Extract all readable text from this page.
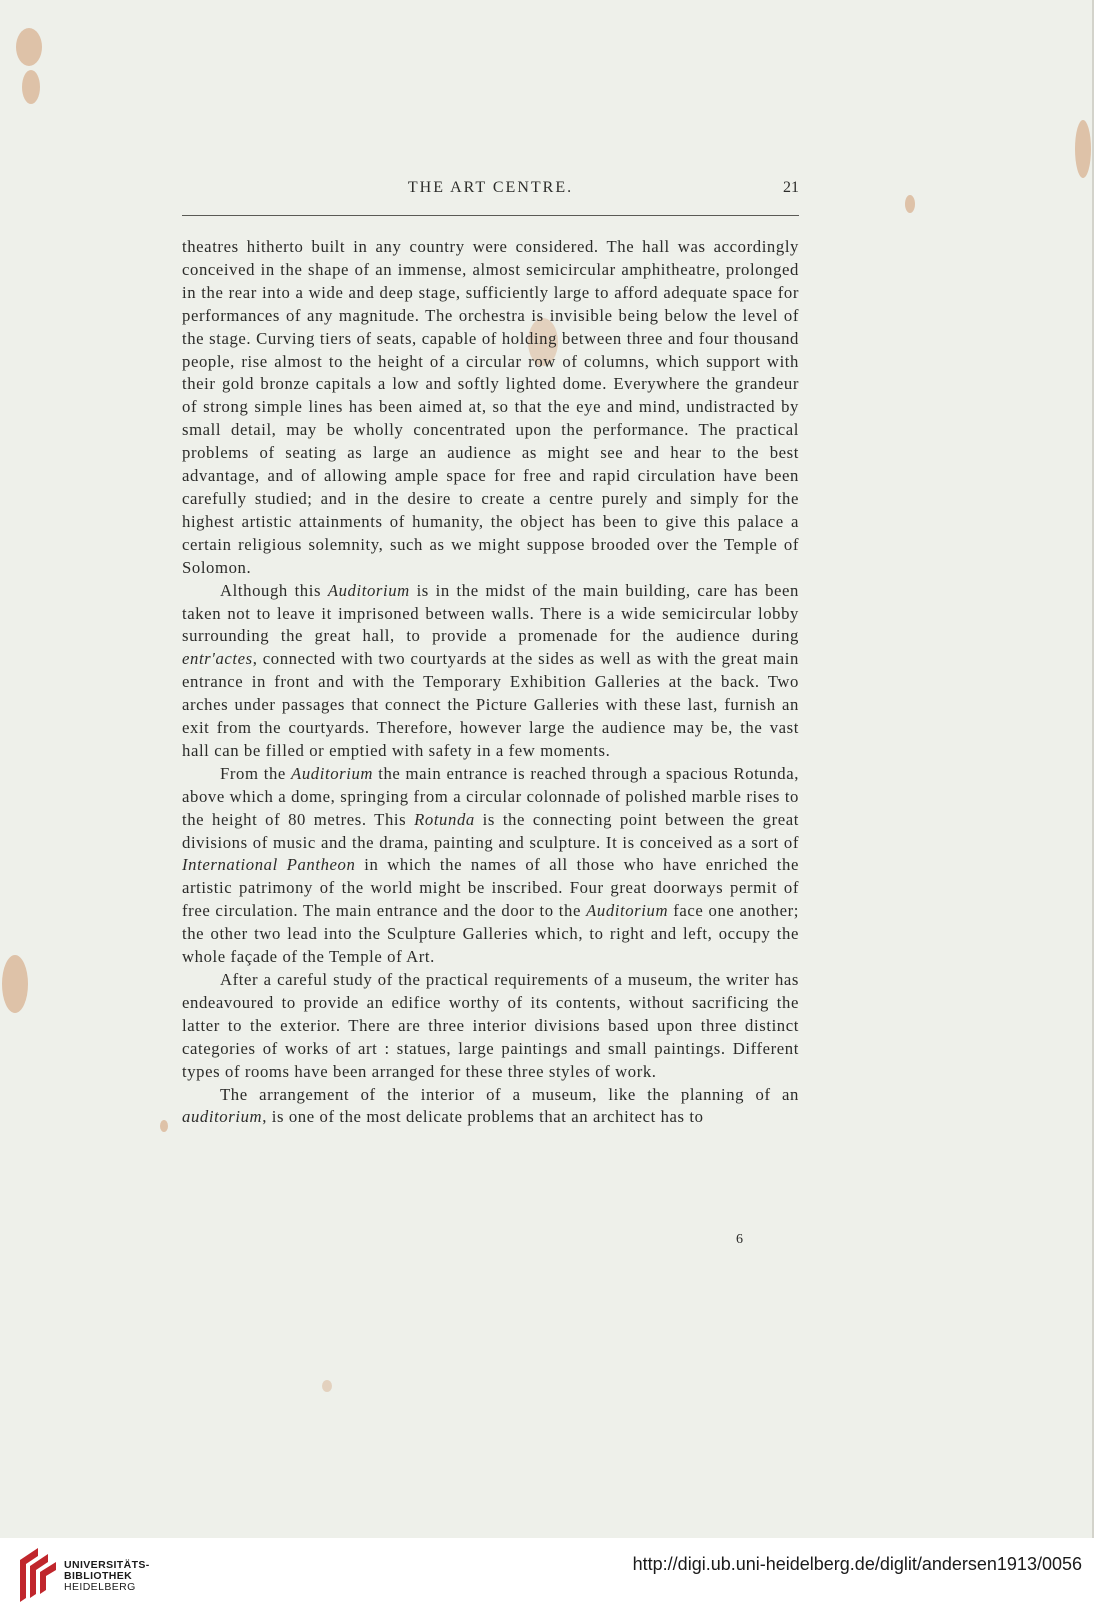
THE ART CENTRE.	21

theatres hitherto built in any country were considered. The hall was accordingly conceived in the shape of an immense, almost semicircular amphitheatre, prolonged in the rear into a wide and deep stage, sufficiently large to afford adequate space for performances of any magnitude. The orchestra is invisible being below the level of the stage. Curving tiers of seats, capable of holding between three and four thousand people, rise almost to the height of a circular row of columns, which support with their gold bronze capitals a low and softly lighted dome. Everywhere the grandeur of strong simple lines has been aimed at, so that the eye and mind, undistracted by small detail, may be wholly concentrated upon the performance. The practical problems of seating as large an audience as might see and hear to the best advantage, and of allowing ample space for free and rapid circulation have been carefully studied; and in the desire to create a centre purely and simply for the highest artistic attainments of humanity, the object has been to give this palace a certain religious solemnity, such as we might suppose brooded over the Temple of Solomon.

Although this Auditorium is in the midst of the main building, care has been taken not to leave it imprisoned between walls. There is a wide semicircular lobby surrounding the great hall, to provide a promenade for the audience during entr'actes, connected with two courtyards at the sides as well as with the great main entrance in front and with the Temporary Exhibition Galleries at the back. Two arches under passages that connect the Picture Galleries with these last, furnish an exit from the courtyards. Therefore, however large the audience may be, the vast hall can be filled or emptied with safety in a few moments.

From the Auditorium the main entrance is reached through a spacious Rotunda, above which a dome, springing from a circular colonnade of polished marble rises to the height of 80 metres. This Rotunda is the connecting point between the great divisions of music and the drama, painting and sculpture. It is conceived as a sort of International Pantheon in which the names of all those who have enriched the artistic patrimony of the world might be inscribed. Four great doorways permit of free circulation. The main entrance and the door to the Auditorium face one another; the other two lead into the Sculpture Galleries which, to right and left, occupy the whole façade of the Temple of Art.

After a careful study of the practical requirements of a museum, the writer has endeavoured to provide an edifice worthy of its contents, without sacrificing the latter to the exterior. There are three interior divisions based upon three distinct categories of works of art : statues, large paintings and small paintings. Different types of rooms have been arranged for these three styles of work.

The arrangement of the interior of a museum, like the planning of an auditorium, is one of the most delicate problems that an architect has to

6
UNIVERSITÄTS-
BIBLIOTHEK
HEIDELBERG
http://digi.ub.uni-heidelberg.de/diglit/andersen1913/0056
